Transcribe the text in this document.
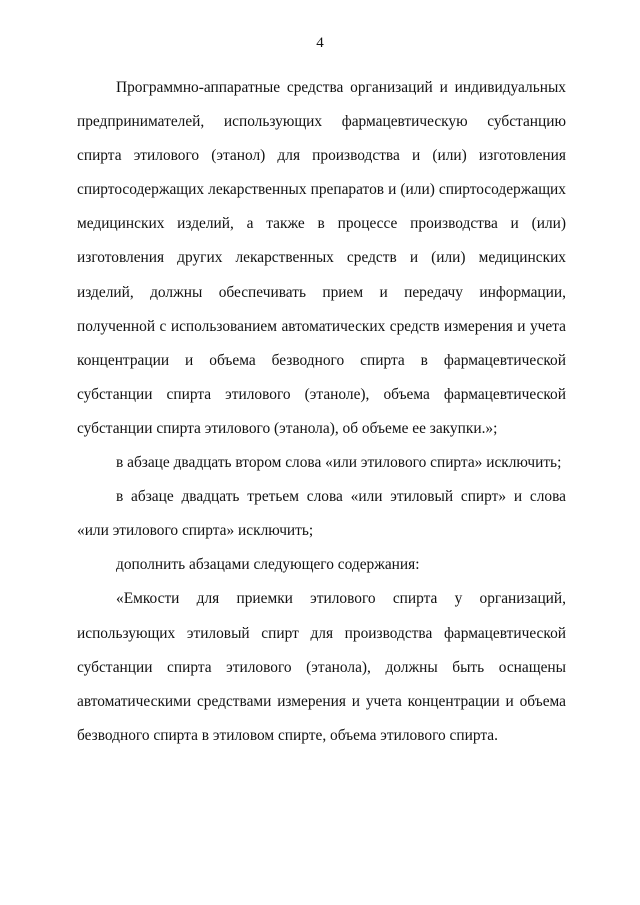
4

Программно-аппаратные средства организаций и индивидуальных предпринимателей, использующих фармацевтическую субстанцию спирта этилового (этанол) для производства и (или) изготовления спиртосодержащих лекарственных препаратов и (или) спиртосодержащих медицинских изделий, а также в процессе производства и (или) изготовления других лекарственных средств и (или) медицинских изделий, должны обеспечивать прием и передачу информации, полученной с использованием автоматических средств измерения и учета концентрации и объема безводного спирта в фармацевтической субстанции спирта этилового (этаноле), объема фармацевтической субстанции спирта этилового (этанола), об объеме ее закупки.»;

в абзаце двадцать втором слова «или этилового спирта» исключить;

в абзаце двадцать третьем слова «или этиловый спирт» и слова «или этилового спирта» исключить;

дополнить абзацами следующего содержания:

«Емкости для приемки этилового спирта у организаций, использующих этиловый спирт для производства фармацевтической субстанции спирта этилового (этанола), должны быть оснащены автоматическими средствами измерения и учета концентрации и объема безводного спирта в этиловом спирте, объема этилового спирта.
